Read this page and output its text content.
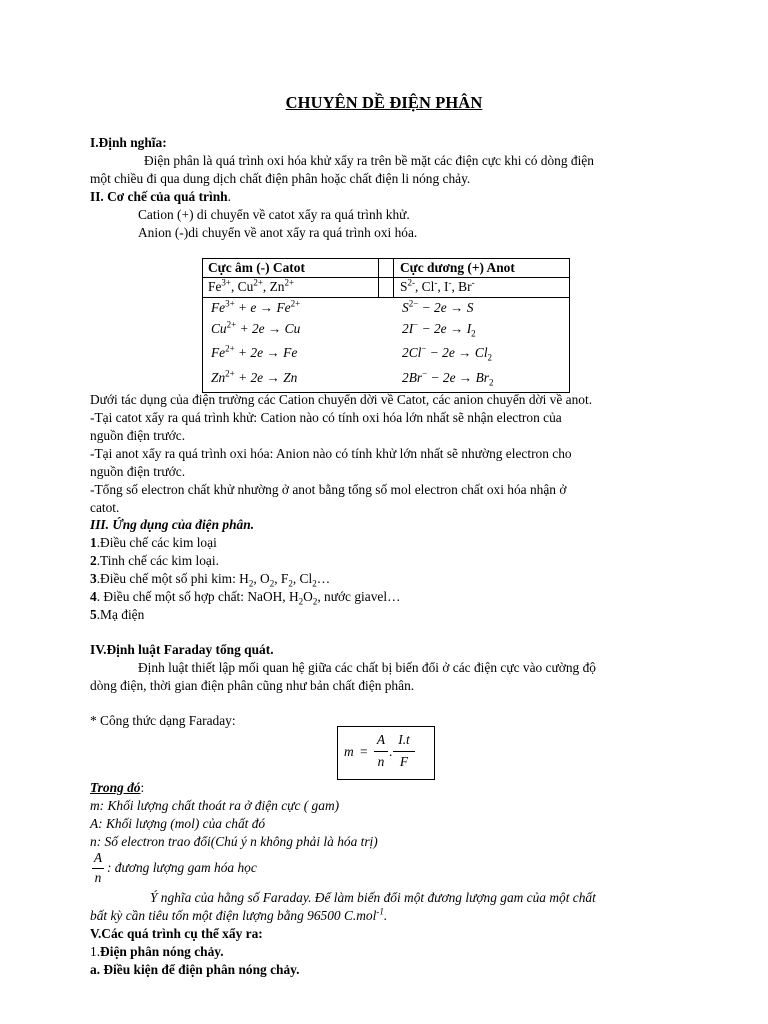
CHUYÊN DỀ ĐIỆN PHÂN
I.Định nghĩa:
Điện phân là quá trình oxi hóa khử xẩy ra trên bề mặt các điện cực khi có dòng điện
một chiều đi qua dung dịch chất điện phân hoặc chất điện li nóng chảy.
II. Cơ chế của quá trình.
Cation (+) di chuyển về catot xẩy ra quá trình khử.
Anion (-)di chuyển về anot xẩy ra quá trình oxi hóa.
Cực âm (-) Catot	Cực dương (+) Anot
$Fe^{3+}$, $Cu^{2+}$, $Zn^{2+}$	$S^{2-}$, Cl-, I-, Br-
$Fe^{3+} + e \to Fe^{2+}$
$Cu^{2+} + 2e \to Cu$
$Fe^{2+} + 2e \to Fe$
$Zn^{2+} + 2e \to Zn$
$S^{2-} - 2e \to S$
$2I^- - 2e \to I_2$
$2Cl^- - 2e \to Cl_2$
$2Br^- - 2e \to Br_2$
Dưới tác dụng của điện trường các Cation chuyển dời về Catot, các anion chuyển dời về anot.
-Tại catot xẩy ra quá trình khử: Cation nào có tính oxi hóa lớn nhất sẽ nhận electron của
nguồn điện trước.
-Tại anot xẩy ra quá trình oxi hóa: Anion nào có tính khử lớn nhất sẽ nhường electron cho
nguồn điện trước.
-Tổng số electron chất khử nhường ở anot bằng tổng số mol electron chất oxi hóa nhận ở
catot.
III. Ứng dụng của điện phân.
1.Điều chế các kim loại
2.Tinh chế các kim loại.
3.Điều chế một số phi kim: $H_2$, $O_2$, $F_2$, $Cl_2\dots$
4. Điều chế một số hợp chất: NaOH, $H_2O_2$, nước giavel…
5.Mạ điện
IV.Định luật Faraday tổng quát.
Định luật thiết lập mối quan hệ giữa các chất bị biến đổi ở các điện cực vào cường độ
dòng điện, thời gian điện phân cũng như bản chất điện phân.
* Công thức dạng Faraday:
m =
A
n
.
I.t
F
Trong đó:
m: Khối lượng chất thoát ra ở điện cực ( gam)
A: Khối lượng (mol) của chất đó
n: Số electron trao đổi(Chú ý n không phải là hóa trị)
A
n
: đương lượng gam hóa học
Ý nghĩa của hằng số Faraday. Để làm biến đổi một đương lượng gam của một chất
bất kỳ cần tiêu tốn một điện lượng bằng 96500 C.mol$^{-1}$.
V.Các quá trình cụ thể xẩy ra:
1.Điện phân nóng chảy.
a. Điều kiện để điện phân nóng chảy.
